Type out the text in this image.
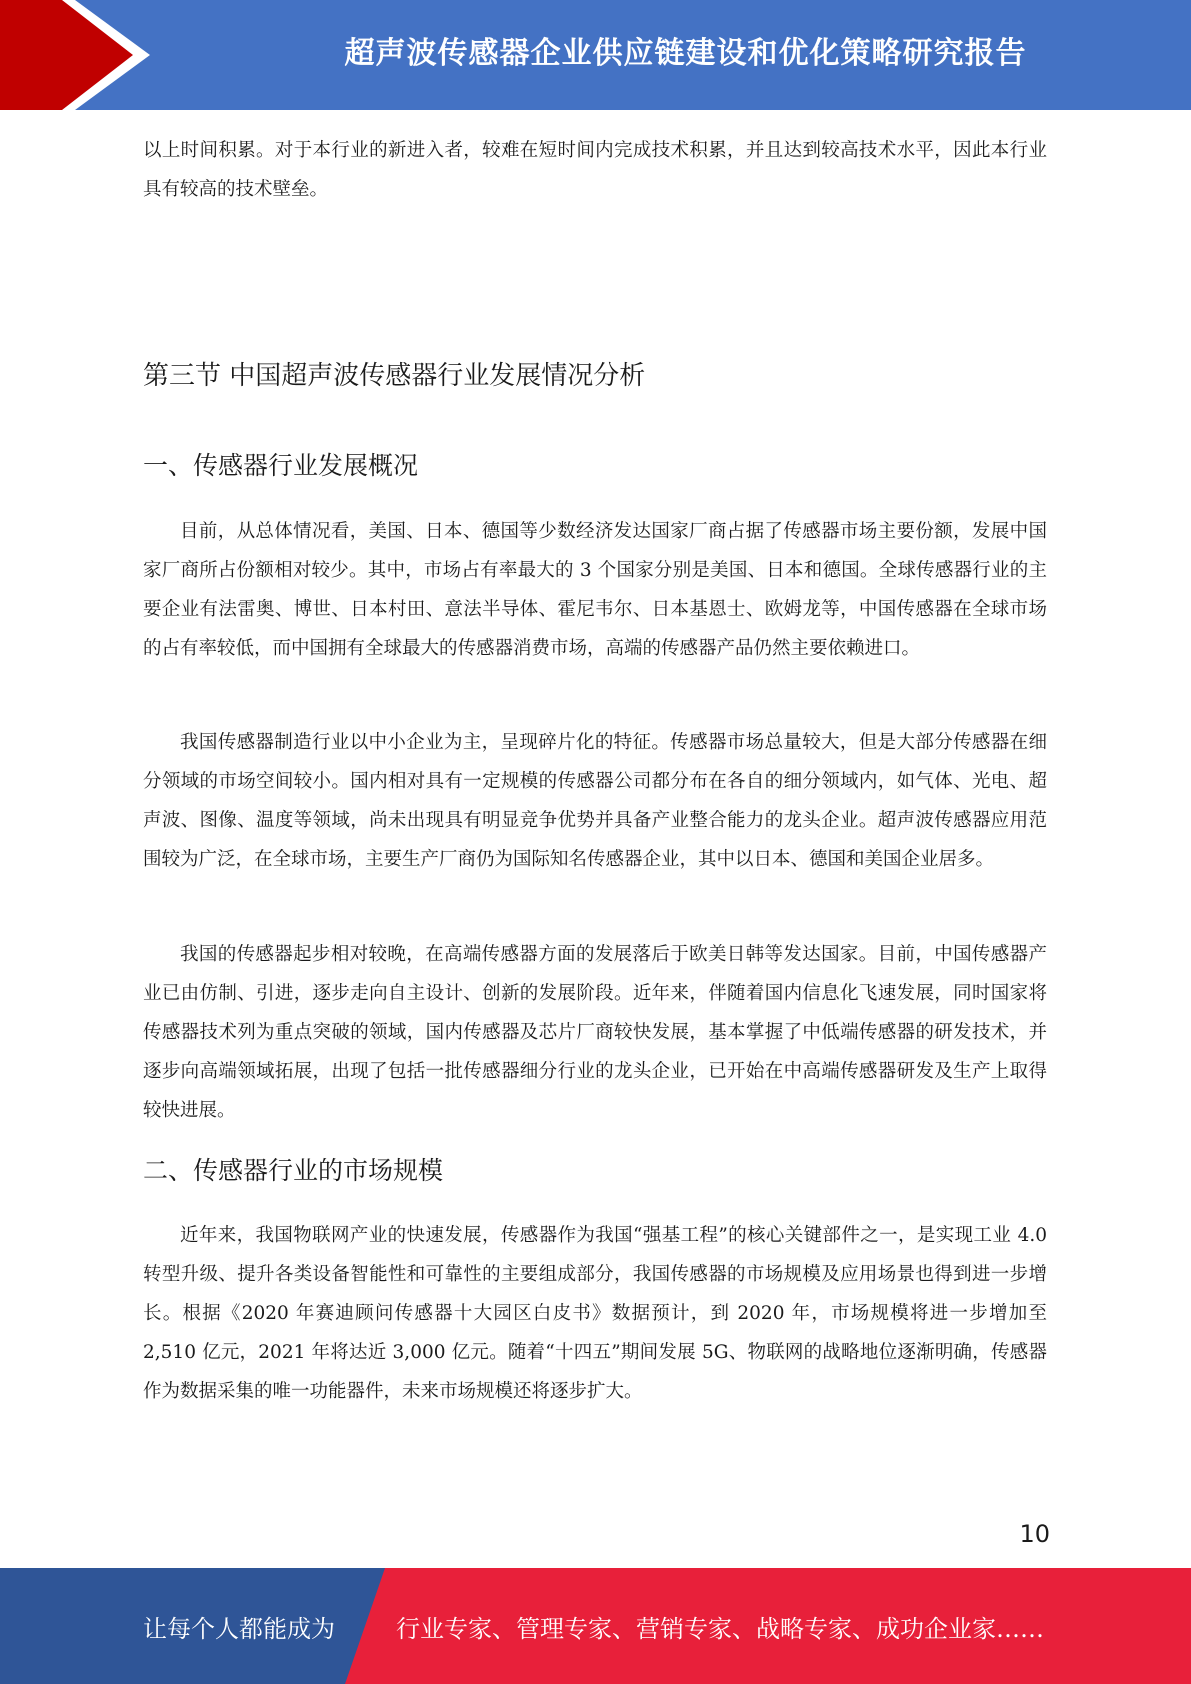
超声波传感器企业供应链建设和优化策略研究报告

以上时间积累。对于本行业的新进入者，较难在短时间内完成技术积累，并且达到较高技术水平，因此本行业具有较高的技术壁垒。

第三节 中国超声波传感器行业发展情况分析
一、传感器行业发展概况

目前，从总体情况看，美国、日本、德国等少数经济发达国家厂商占据了传感器市场主要份额，发展中国家厂商所占份额相对较少。其中，市场占有率最大的 3 个国家分别是美国、日本和德国。全球传感器行业的主要企业有法雷奥、博世、日本村田、意法半导体、霍尼韦尔、日本基恩士、欧姆龙等，中国传感器在全球市场的占有率较低，而中国拥有全球最大的传感器消费市场，高端的传感器产品仍然主要依赖进口。

我国传感器制造行业以中小企业为主，呈现碎片化的特征。传感器市场总量较大，但是大部分传感器在细分领域的市场空间较小。国内相对具有一定规模的传感器公司都分布在各自的细分领域内，如气体、光电、超声波、图像、温度等领域，尚未出现具有明显竞争优势并具备产业整合能力的龙头企业。超声波传感器应用范围较为广泛，在全球市场，主要生产厂商仍为国际知名传感器企业，其中以日本、德国和美国企业居多。

我国的传感器起步相对较晚，在高端传感器方面的发展落后于欧美日韩等发达国家。目前，中国传感器产业已由仿制、引进，逐步走向自主设计、创新的发展阶段。近年来，伴随着国内信息化飞速发展，同时国家将传感器技术列为重点突破的领域，国内传感器及芯片厂商较快发展，基本掌握了中低端传感器的研发技术，并逐步向高端领域拓展，出现了包括一批传感器细分行业的龙头企业，已开始在中高端传感器研发及生产上取得较快进展。

二、传感器行业的市场规模

近年来，我国物联网产业的快速发展，传感器作为我国“强基工程”的核心关键部件之一，是实现工业 4.0 转型升级、提升各类设备智能性和可靠性的主要组成部分，我国传感器的市场规模及应用场景也得到进一步增长。根据《2020 年赛迪顾问传感器十大园区白皮书》数据预计，到 2020 年，市场规模将进一步增加至 2,510 亿元，2021 年将达近 3,000 亿元。随着“十四五”期间发展 5G、物联网的战略地位逐渐明确，传感器作为数据采集的唯一功能器件，未来市场规模还将逐步扩大。

10
让每个人都能成为	行业专家、管理专家、营销专家、战略专家、成功企业家……
